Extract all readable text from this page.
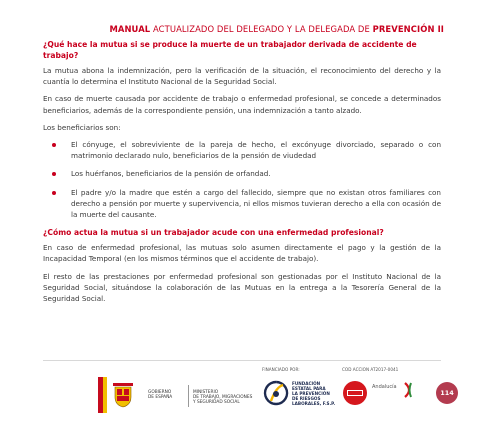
MANUAL ACTUALIZADO DEL DELEGADO Y LA DELEGADA DE PREVENCIÓN II
¿Qué hace la mutua si se produce la muerte de un trabajador derivada de accidente de trabajo?
La mutua abona la indemnización, pero la verificación de la situación, el reconocimiento del derecho y la cuantía lo determina el Instituto Nacional de la Seguridad Social.
En caso de muerte causada por accidente de trabajo o enfermedad profesional, se concede a determinados beneficiarios, además de la correspondiente pensión, una indemnización a tanto alzado.
Los beneficiarios son:
El cónyuge, el sobreviviente de la pareja de hecho, el excónyuge divorciado, separado o con matrimonio declarado nulo, beneficiarios de la pensión de viudedad
Los huérfanos, beneficiarios de la pensión de orfandad.
El padre y/o la madre que estén a cargo del fallecido, siempre que no existan otros familiares con derecho a pensión por muerte y supervivencia, ni ellos mismos tuvieran derecho a ella con ocasión de la muerte del causante.
¿Cómo actua la mutua si un trabajador acude con una enfermedad profesional?
En caso de enfermedad profesional, las mutuas solo asumen directamente el pago y la gestión de la Incapacidad Temporal (en los mismos términos que el accidente de trabajo).
El resto de las prestaciones por enfermedad profesional son gestionadas por el Instituto Nacional de la Seguridad Social, situándose la colaboración de las Mutuas en la entrega a la Tesorería General de la Seguridad Social.
FINANCIADO POR:	COD ACCION AT2017-0041
GOBIERNO
DE ESPAÑA
MINISTERIO
DE TRABAJO, MIGRACIONES
Y SEGURIDAD SOCIAL
FUNDACIÓN
ESTATAL PARA
LA PREVENCIÓN
DE RIESGOS
LABORALES, F.S.P.
Andalucía
114
